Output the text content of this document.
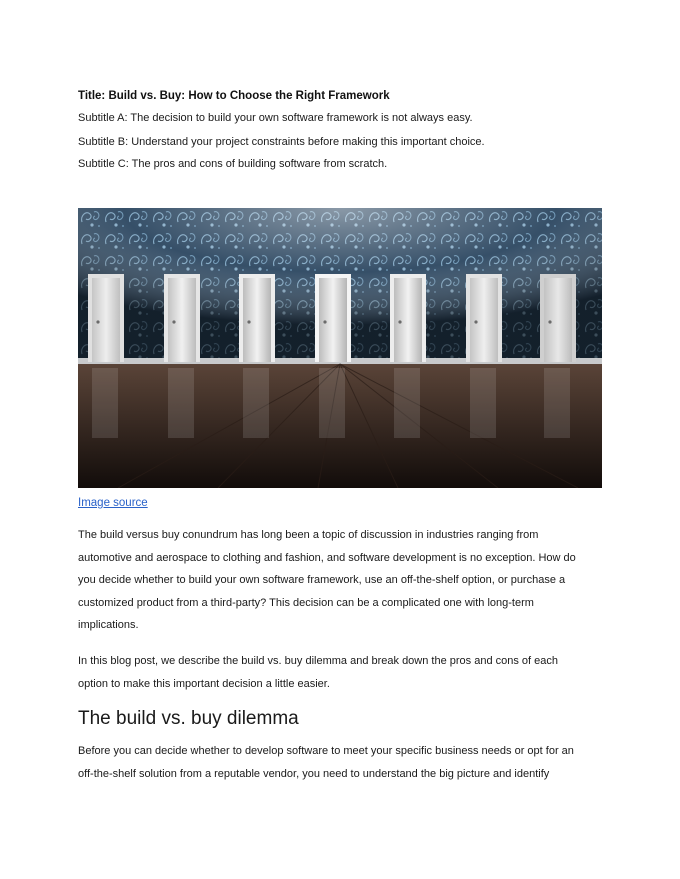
Title: Build vs. Buy: How to Choose the Right Framework
Subtitle A: The decision to build your own software framework is not always easy.
Subtitle B: Understand your project constraints before making this important choice.
Subtitle C: The pros and cons of building software from scratch.
Image source

The build versus buy conundrum has long been a topic of discussion in industries ranging from
automotive and aerospace to clothing and fashion, and software development is no exception. How do
you decide whether to build your own software framework, use an off-the-shelf option, or purchase a
customized product from a third-party? This decision can be a complicated one with long-term
implications.

In this blog post, we describe the build vs. buy dilemma and break down the pros and cons of each
option to make this important decision a little easier.

The build vs. buy dilemma

Before you can decide whether to develop software to meet your specific business needs or opt for an
off-the-shelf solution from a reputable vendor, you need to understand the big picture and identify
